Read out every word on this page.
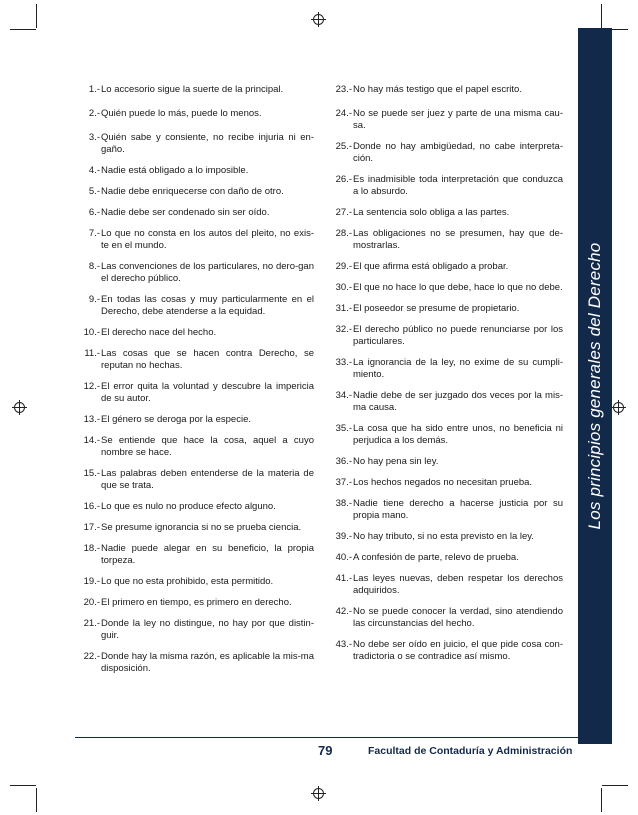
Los principios generales del Derecho
1.- Lo accesorio sigue la suerte de la principal.
2.- Quién puede lo más, puede lo menos.
3.- Quién sabe y consiente, no recibe injuria ni en-gaño.
4.- Nadie está obligado a lo imposible.
5.- Nadie debe enriquecerse con daño de otro.
6.- Nadie debe ser condenado sin ser oído.
7.- Lo que no consta en los autos del pleito, no exis-te en el mundo.
8.- Las convenciones de los particulares, no dero-gan el derecho público.
9.- En todas las cosas y muy particularmente en el Derecho, debe atenderse a la equidad.
10.- El derecho nace del hecho.
11.- Las cosas que se hacen contra Derecho, se reputan no hechas.
12.- El error quita la voluntad y descubre la impericia de su autor.
13.- El género se deroga por la especie.
14.- Se entiende que hace la cosa, aquel a cuyo nombre se hace.
15.- Las palabras deben entenderse de la materia de que se trata.
16.- Lo que es nulo no produce efecto alguno.
17.- Se presume ignorancia si no se prueba ciencia.
18.- Nadie puede alegar en su beneficio, la propia torpeza.
19.- Lo que no esta prohibido, esta permitido.
20.- El primero en tiempo, es primero en derecho.
21.- Donde la ley no distingue, no hay por que distin-guir.
22.- Donde hay la misma razón, es aplicable la mis-ma disposición.
23.- No hay más testigo que el papel escrito.
24.- No se puede ser juez y parte de una misma cau-sa.
25.- Donde no hay ambigüedad, no cabe interpreta-ción.
26.- Es inadmisible toda interpretación que conduzca a lo absurdo.
27.- La sentencia solo obliga a las partes.
28.- Las obligaciones no se presumen, hay que de-mostrarlas.
29.- El que afirma está obligado a probar.
30.- El que no hace lo que debe, hace lo que no debe.
31.- El poseedor se presume de propietario.
32.- El derecho público no puede renunciarse por los particulares.
33.- La ignorancia de la ley, no exime de su cumpli-miento.
34.- Nadie debe de ser juzgado dos veces por la mis-ma causa.
35.- La cosa que ha sido entre unos, no beneficia ni perjudica a los demás.
36.- No hay pena sin ley.
37.- Los hechos negados no necesitan prueba.
38.- Nadie tiene derecho a hacerse justicia por su propia mano.
39.- No hay tributo, si no esta previsto en la ley.
40.- A confesión de parte, relevo de prueba.
41.- Las leyes nuevas, deben respetar los derechos adquiridos.
42.- No se puede conocer la verdad, sino atendiendo las circunstancias del hecho.
43.- No debe ser oído en juicio, el que pide cosa con-tradictoria o se contradice así mismo.
79	Facultad de Contaduría y Administración
